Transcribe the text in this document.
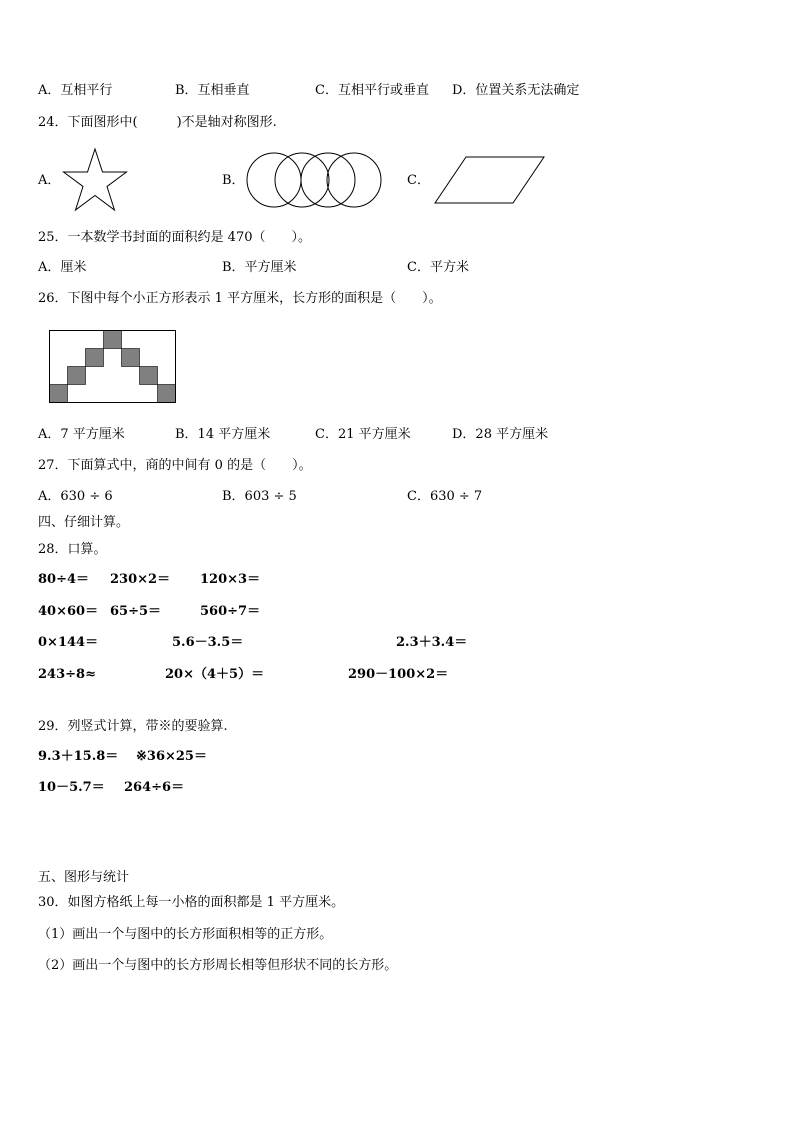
A．互相平行	B．互相垂直	C．互相平行或垂直 D．位置关系无法确定
24．下面图形中(　　　)不是轴对称图形.
A．	B．	C．
25．一本数学书封面的面积约是 470（　　）。
A．厘米	B．平方厘米	C．平方米
26．下图中每个小正方形表示 1 平方厘米，长方形的面积是（　　）。
A．7 平方厘米	B．14 平方厘米	C．21 平方厘米	D．28 平方厘米
27．下面算式中，商的中间有 0 的是（　　）。
A．630 ÷ 6	B．603 ÷ 5	C．630 ÷ 7
四、仔细计算。
28．口算。
80÷4＝ 230×2＝ 120×3＝
40×60＝ 65÷5＝	560÷7＝
0×144＝	5.6－3.5＝	2.3＋3.4＝
243÷8≈	20×（4＋5）＝	290－100×2＝
29．列竖式计算，带※的要验算.
9.3＋15.8＝ ※36×25＝
10－5.7＝ 264÷6＝
五、图形与统计
30．如图方格纸上每一小格的面积都是 1 平方厘米。
（1）画出一个与图中的长方形面积相等的正方形。
（2）画出一个与图中的长方形周长相等但形状不同的长方形。
